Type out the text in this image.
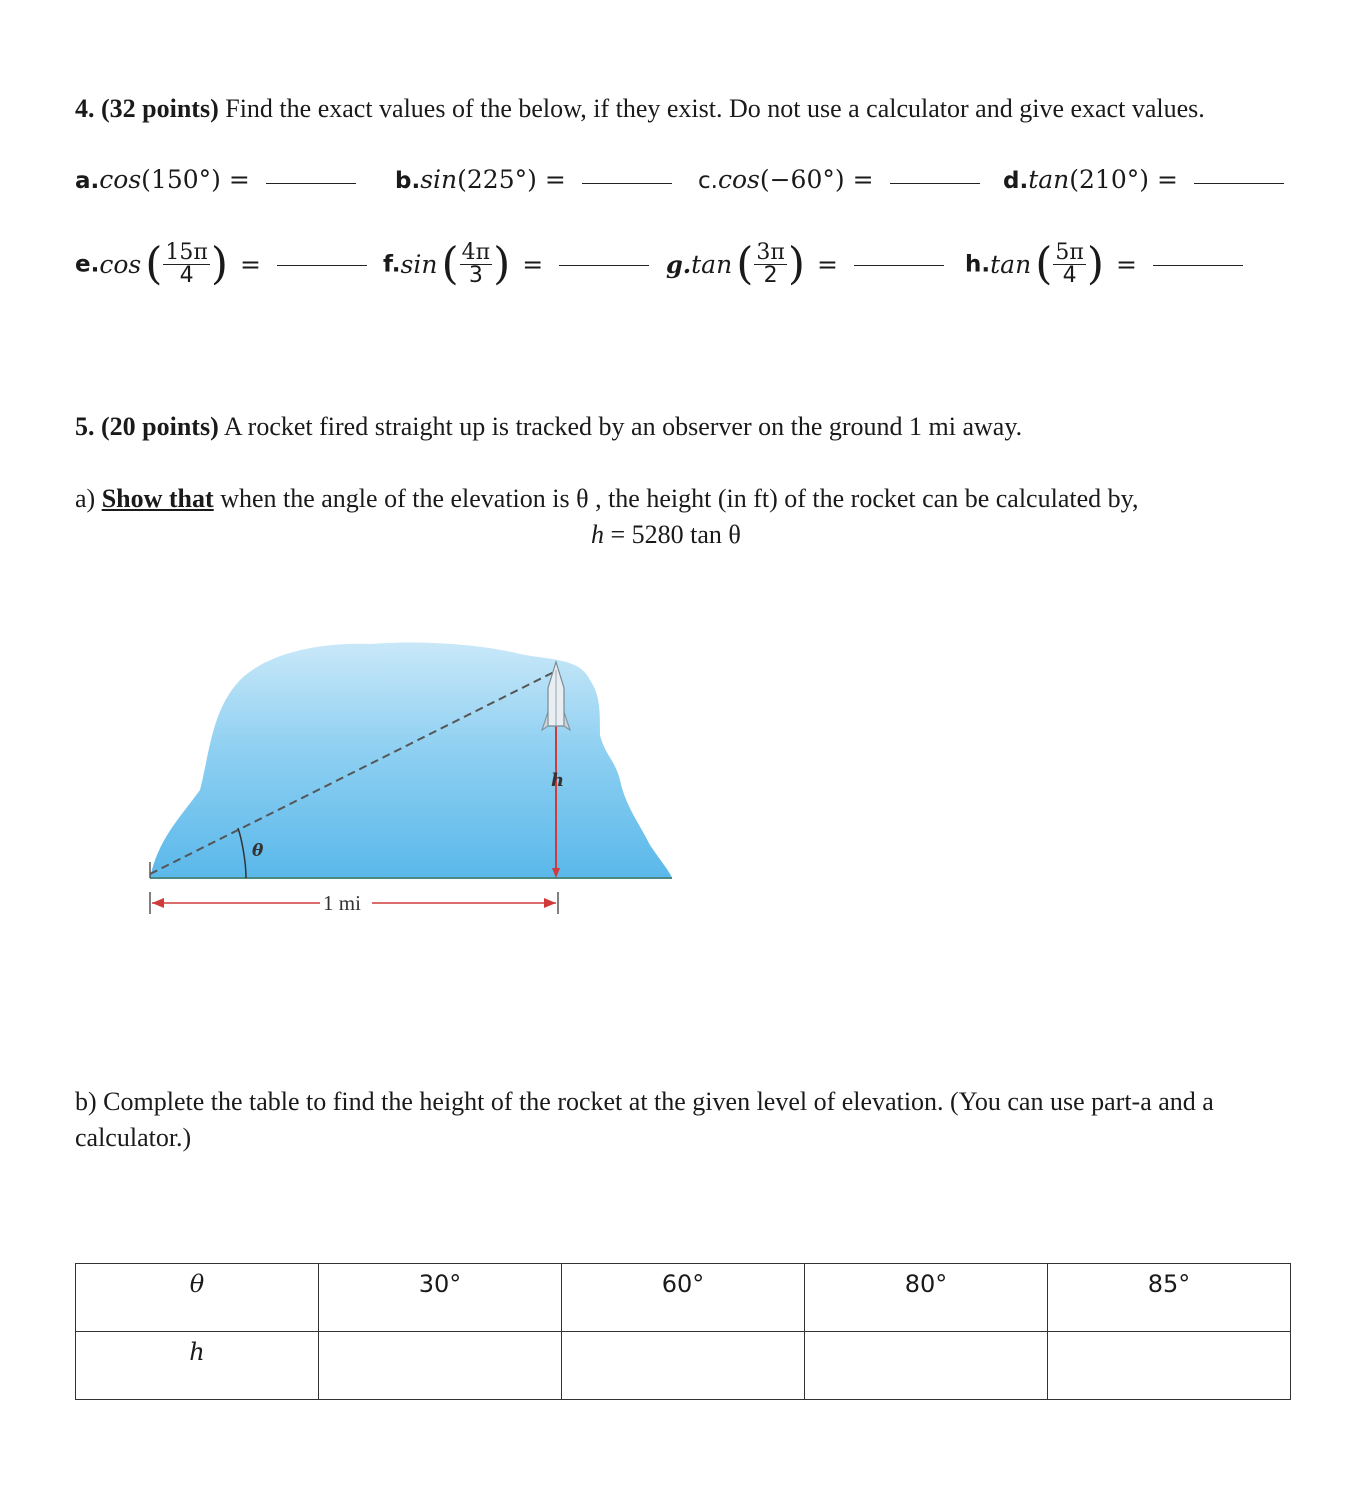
4. (32 points) Find the exact values of the below, if they exist. Do not use a calculator and give exact values.
a.cos(150°) =	b.sin(225°) =	c.cos(−60°) =	d.tan(210°) =
e.cos ( $\frac{15\pi}{4}$ ) =	f.sin ( $\frac{4\pi}{3}$ ) =	g.tan ( $\frac{3\pi}{2}$ ) =	h.tan ( $\frac{5\pi}{4}$ ) =
5. (20 points) A rocket fired straight up is tracked by an observer on the ground 1 mi away.
a) Show that when the angle of the elevation is θ , the height (in ft) of the rocket can be calculated by,
h = 5280 tan θ
θ
h
1 mi
b) Complete the table to find the height of the rocket at the given level of elevation. (You can use part-a and a
calculator.)
θ	30°	60°	80°	85°
h				
